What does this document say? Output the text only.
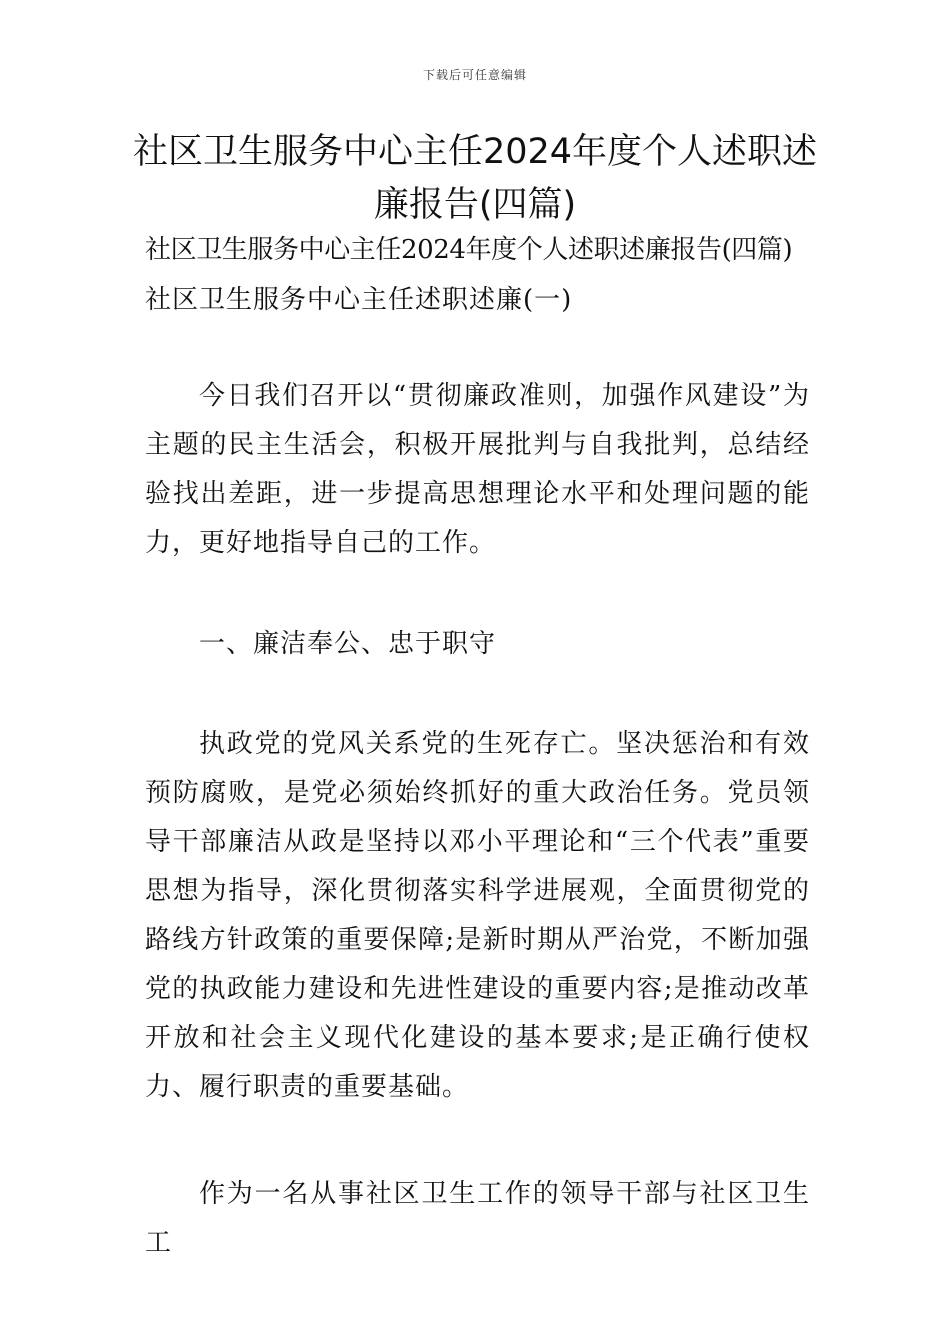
下载后可任意编辑
社区卫生服务中心主任2024年度个人述职述廉报告(四篇)

社区卫生服务中心主任2024年度个人述职述廉报告(四篇)

社区卫生服务中心主任述职述廉(一)

今日我们召开以“贯彻廉政准则，加强作风建设”为主题的民主生活会，积极开展批判与自我批判，总结经验找出差距，进一步提高思想理论水平和处理问题的能力，更好地指导自己的工作。

一、廉洁奉公、忠于职守

执政党的党风关系党的生死存亡。坚决惩治和有效预防腐败，是党必须始终抓好的重大政治任务。党员领导干部廉洁从政是坚持以邓小平理论和“三个代表”重要思想为指导，深化贯彻落实科学进展观，全面贯彻党的路线方针政策的重要保障;是新时期从严治党，不断加强党的执政能力建设和先进性建设的重要内容;是推动改革开放和社会主义现代化建设的基本要求;是正确行使权力、履行职责的重要基础。

作为一名从事社区卫生工作的领导干部与社区卫生工
